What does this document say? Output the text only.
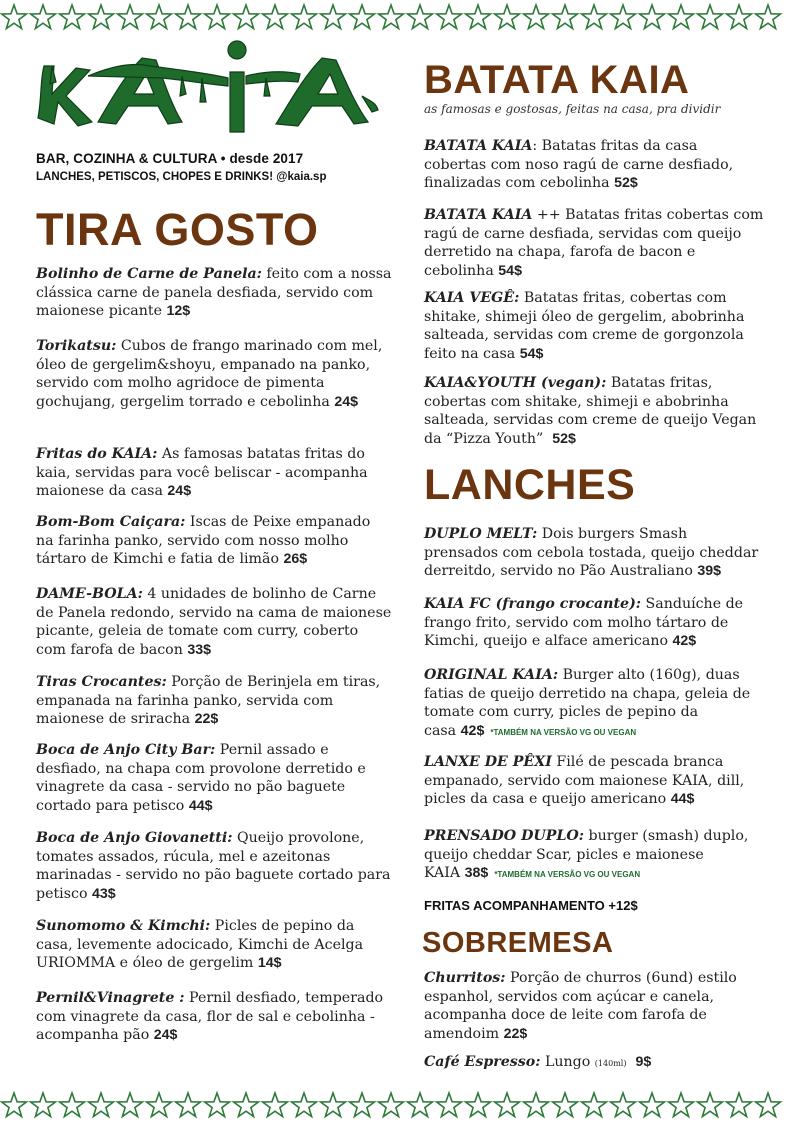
BAR, COZINHA & CULTURA • desde 2017
LANCHES, PETISCOS, CHOPES E DRINKS! @kaia.sp
TIRA GOSTO
Bolinho de Carne de Panela: feito com a nossa clássica carne de panela desfiada, servido com maionese picante 12$
Torikatsu: Cubos de frango marinado com mel, óleo de gergelim&shoyu, empanado na panko, servido com molho agridoce de pimenta gochujang, gergelim torrado e cebolinha 24$
Fritas do KAIA: As famosas batatas fritas do kaia, servidas para você beliscar - acompanha maionese da casa 24$
Bom-Bom Caiçara: Iscas de Peixe empanado na farinha panko, servido com nosso molho tártaro de Kimchi e fatia de limão 26$
DAME-BOLA: 4 unidades de bolinho de Carne de Panela redondo, servido na cama de maionese picante, geleia de tomate com curry, coberto com farofa de bacon 33$
Tiras Crocantes: Porção de Berinjela em tiras, empanada na farinha panko, servida com maionese de sriracha 22$
Boca de Anjo City Bar: Pernil assado e desfiado, na chapa com provolone derretido e vinagrete da casa - servido no pão baguete cortado para petisco 44$
Boca de Anjo Giovanetti: Queijo provolone, tomates assados, rúcula, mel e azeitonas marinadas - servido no pão baguete cortado para petisco 43$
Sunomomo & Kimchi: Picles de pepino da casa, levemente adocicado, Kimchi de Acelga URIOMMA e óleo de gergelim 14$
Pernil&Vinagrete : Pernil desfiado, temperado com vinagrete da casa, flor de sal e cebolinha - acompanha pão 24$
BATATA KAIA
as famosas e gostosas, feitas na casa, pra dividir
BATATA KAIA: Batatas fritas da casa cobertas com noso ragú de carne desfiado, finalizadas com cebolinha 52$
BATATA KAIA ++ Batatas fritas cobertas com ragú de carne desfiada, servidas com queijo derretido na chapa, farofa de bacon e cebolinha 54$
KAIA VEGÊ: Batatas fritas, cobertas com shitake, shimeji óleo de gergelim, abobrinha salteada, servidas com creme de gorgonzola feito na casa 54$
KAIA&YOUTH (vegan): Batatas fritas, cobertas com shitake, shimeji e abobrinha salteada, servidas com creme de queijo Vegan da “Pizza Youth” 52$
LANCHES
DUPLO MELT: Dois burgers Smash prensados com cebola tostada, queijo cheddar derreitdo, servido no Pão Australiano 39$
KAIA FC (frango crocante): Sanduíche de frango frito, servido com molho tártaro de Kimchi, queijo e alface americano 42$
ORIGINAL KAIA: Burger alto (160g), duas fatias de queijo derretido na chapa, geleia de tomate com curry, picles de pepino da casa 42$ *TAMBÉM NA VERSÃO VG OU VEGAN
LANXE DE PÊXI Filé de pescada branca empanado, servido com maionese KAIA, dill, picles da casa e queijo americano 44$
PRENSADO DUPLO: burger (smash) duplo, queijo cheddar Scar, picles e maionese KAIA 38$ *TAMBÉM NA VERSÃO VG OU VEGAN
FRITAS ACOMPANHAMENTO +12$
SOBREMESA
Churritos: Porção de churros (6und) estilo espanhol, servidos com açúcar e canela, acompanha doce de leite com farofa de amendoim 22$
Café Espresso: Lungo (140ml) 9$
